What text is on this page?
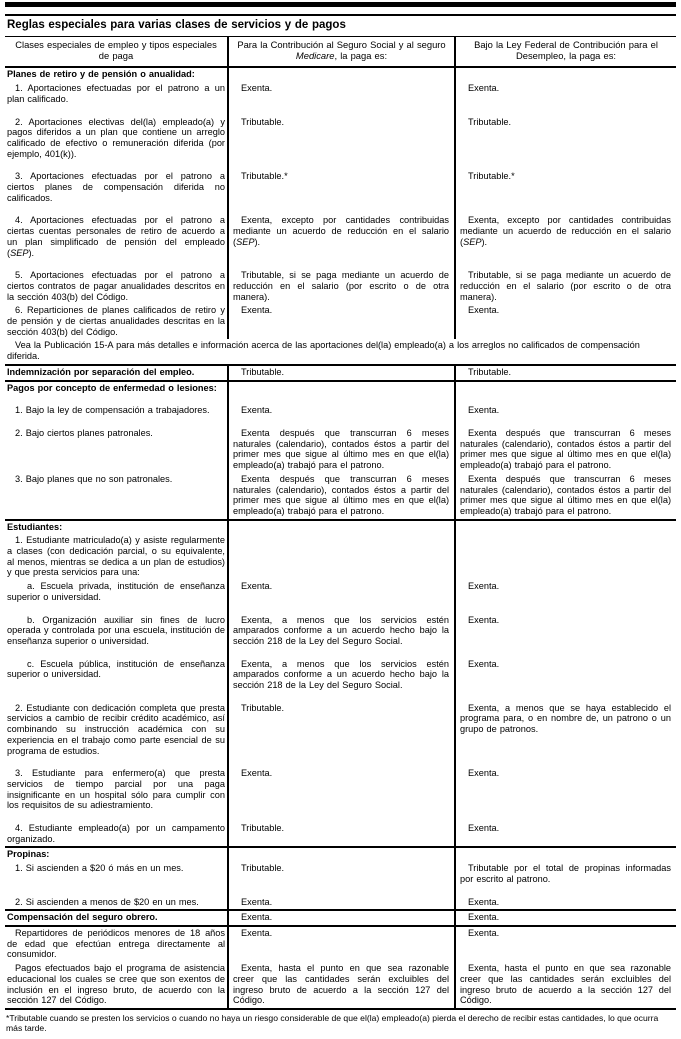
Reglas especiales para varias clases de servicios y de pagos		
Clases especiales de empleo y tipos especiales de paga	Para la Contribución al Seguro Social y al seguro Medicare, la paga es:	Bajo la Ley Federal de Contribución para el Desempleo, la paga es:
Planes de retiro y de pensión o anualidad:		
1. Aportaciones efectuadas por el patrono a un plan calificado.	Exenta.	Exenta.
2. Aportaciones electivas del(la) empleado(a) y pagos diferidos a un plan que contiene un arreglo calificado de efectivo o remuneración diferida (por ejemplo, 401(k)).	Tributable.	Tributable.
3. Aportaciones efectuadas por el patrono a ciertos planes de compensación diferida no calificados.	Tributable.*	Tributable.*
4. Aportaciones efectuadas por el patrono a ciertas cuentas personales de retiro de acuerdo a un plan simplificado de pensión del empleado (SEP).	Exenta, excepto por cantidades contribuidas mediante un acuerdo de reducción en el salario (SEP).	Exenta, excepto por cantidades contribuidas mediante un acuerdo de reducción en el salario (SEP).
5. Aportaciones efectuadas por el patrono a ciertos contratos de pagar anualidades descritos en la sección 403(b) del Código.	Tributable, si se paga mediante un acuerdo de reducción en el salario (por escrito o de otra manera).	Tributable, si se paga mediante un acuerdo de reducción en el salario (por escrito o de otra manera).
6. Reparticiones de planes calificados de retiro y de pensión y de ciertas anualidades descritas en la sección 403(b) del Código.	Exenta.	Exenta.
Vea la Publicación 15-A para más detalles e información acerca de las aportaciones del(la) empleado(a) a los arreglos no calificados de compensación diferida.		
Indemnización por separación del empleo.	Tributable.	Tributable.
Pagos por concepto de enfermedad o lesiones:		
1. Bajo la ley de compensación a trabajadores.	Exenta.	Exenta.
2. Bajo ciertos planes patronales.	Exenta después que transcurran 6 meses naturales (calendario), contados éstos a partir del primer mes que sigue al último mes en que el(la) empleado(a) trabajó para el patrono.	Exenta después que transcurran 6 meses naturales (calendario), contados éstos a partir del primer mes que sigue al último mes en que el(la) empleado(a) trabajó para el patrono.
3. Bajo planes que no son patronales.	Exenta después que transcurran 6 meses naturales (calendario), contados éstos a partir del primer mes que sigue al último mes en que el(la) empleado(a) trabajó para el patrono.	Exenta después que transcurran 6 meses naturales (calendario), contados éstos a partir del primer mes que sigue al último mes en que el(la) empleado(a) trabajó para el patrono.
Estudiantes:		
1. Estudiante matriculado(a) y asiste regularmente a clases (con dedicación parcial, o su equivalente, al menos, mientras se dedica a un plan de estudios) y que presta servicios para una:		
a. Escuela privada, institución de enseñanza superior o universidad.	Exenta.	Exenta.
b. Organización auxiliar sin fines de lucro operada y controlada por una escuela, institución de enseñanza superior o universidad.	Exenta, a menos que los servicios estén amparados conforme a un acuerdo hecho bajo la sección 218 de la Ley del Seguro Social.	Exenta.
c. Escuela pública, institución de enseñanza superior o universidad.	Exenta, a menos que los servicios estén amparados conforme a un acuerdo hecho bajo la sección 218 de la Ley del Seguro Social.	Exenta.
2. Estudiante con dedicación completa que presta servicios a cambio de recibir crédito académico, así combinando su instrucción académica con su experiencia en el trabajo como parte esencial de su programa de estudios.	Tributable.	Exenta, a menos que se haya establecido el programa para, o en nombre de, un patrono o un grupo de patronos.
3. Estudiante para enfermero(a) que presta servicios de tiempo parcial por una paga insignificante en un hospital sólo para cumplir con los requisitos de su adiestramiento.	Exenta.	Exenta.
4. Estudiante empleado(a) por un campamento organizado.	Tributable.	Exenta.
Propinas:		
1. Si ascienden a $20 ó más en un mes.	Tributable.	Tributable por el total de propinas informadas por escrito al patrono.
2. Si ascienden a menos de $20 en un mes.	Exenta.	Exenta.
Compensación del seguro obrero.	Exenta.	Exenta.
Repartidores de periódicos menores de 18 años de edad que efectúan entrega directamente al consumidor.	Exenta.	Exenta.
Pagos efectuados bajo el programa de asistencia educacional los cuales se cree que son exentos de inclusión en el ingreso bruto, de acuerdo con la sección 127 del Código.	Exenta, hasta el punto en que sea razonable creer que las cantidades serán excluibles del ingreso bruto de acuerdo a la sección 127 del Código.	Exenta, hasta el punto en que sea razonable creer que las cantidades serán excluibles del ingreso bruto de acuerdo a la sección 127 del Código.
*Tributable cuando se presten los servicios o cuando no haya un riesgo considerable de que el(la) empleado(a) pierda el derecho de recibir estas cantidades, lo que ocurra más tarde.
